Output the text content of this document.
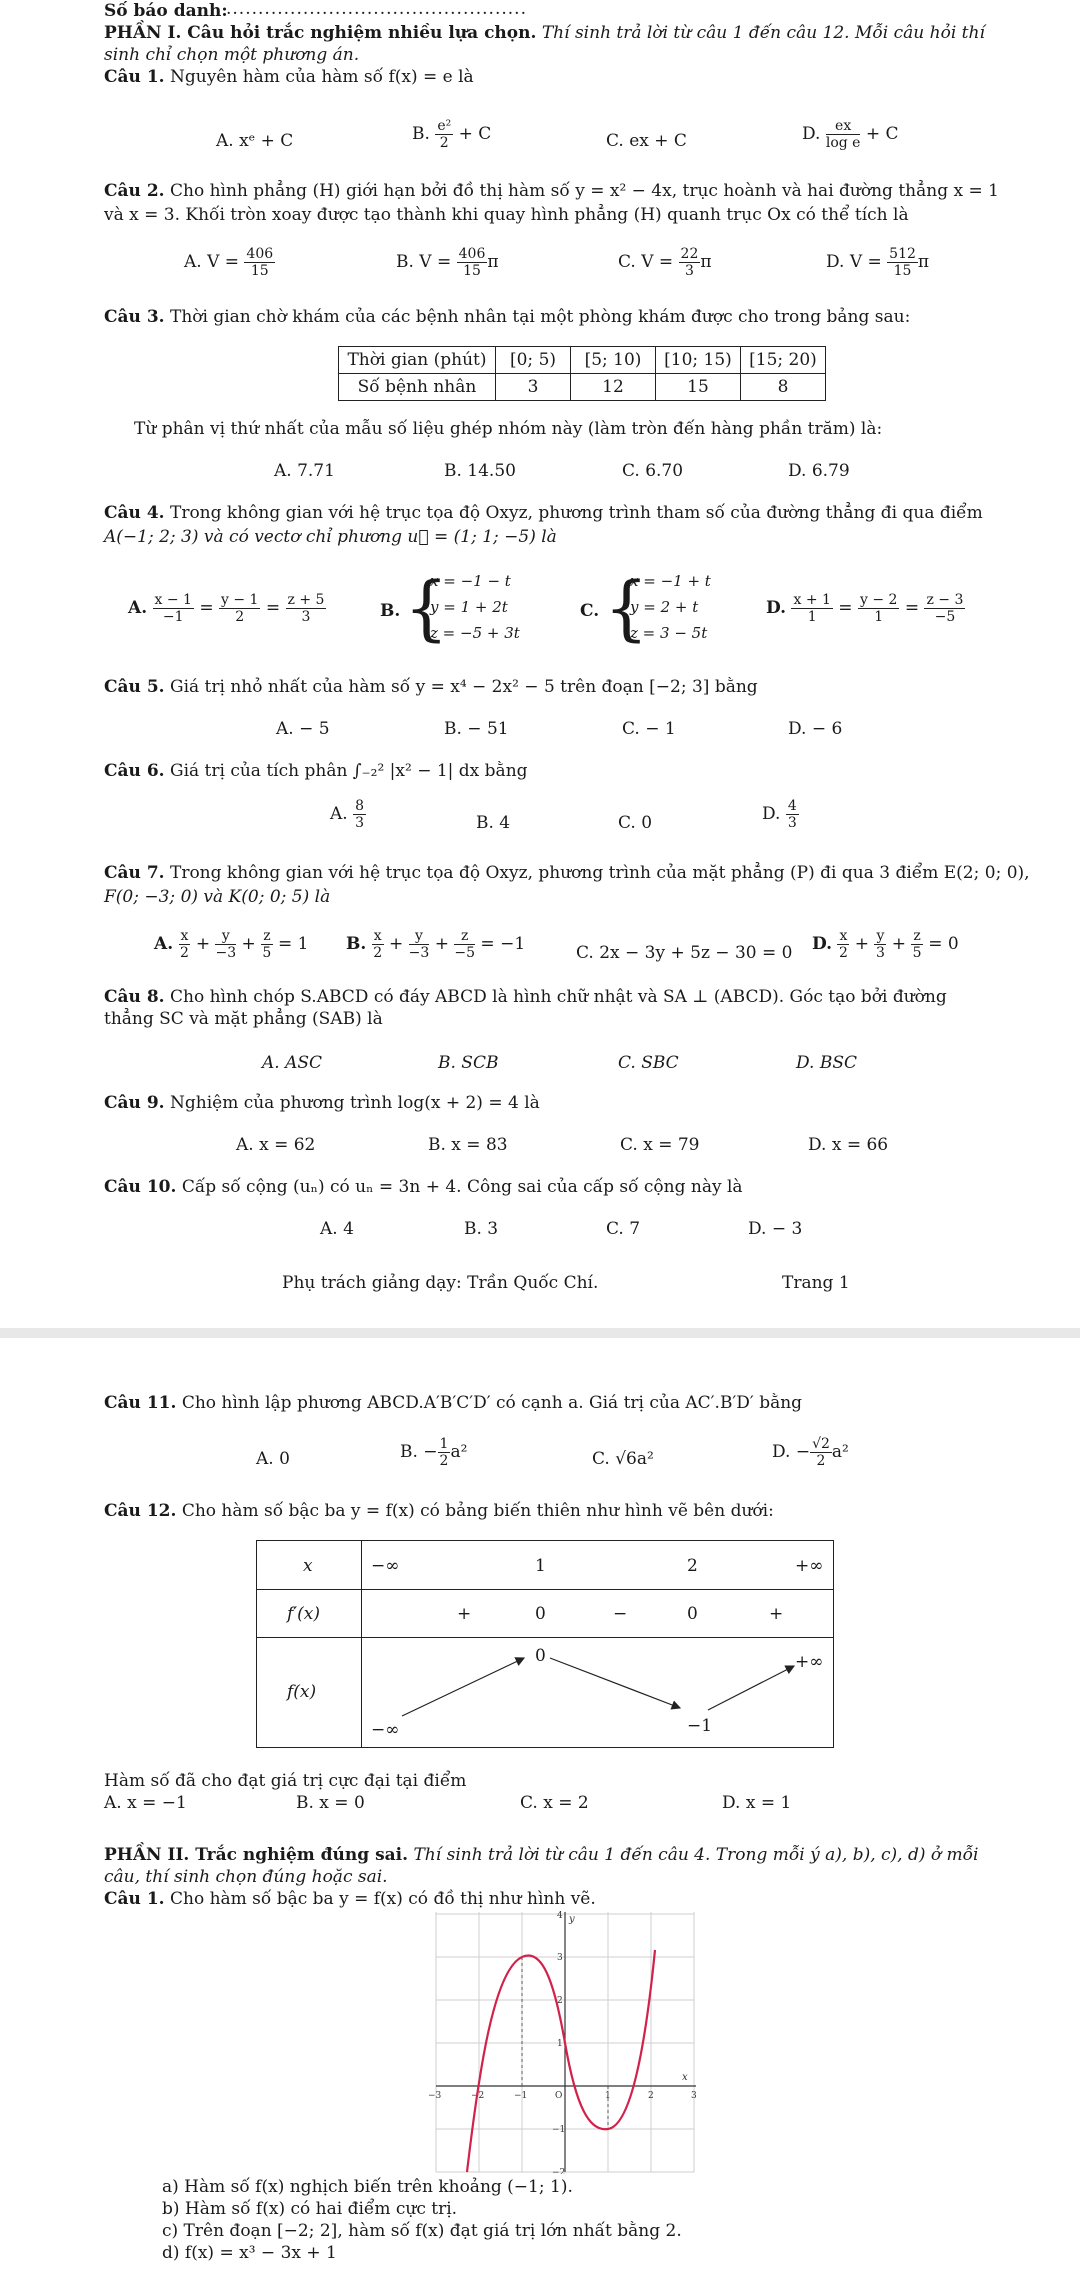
Số báo danh:
...............................................
PHẦN I. Câu hỏi trắc nghiệm nhiều lựa chọn. Thí sinh trả lời từ câu 1 đến câu 12. Mỗi câu hỏi thí
sinh chỉ chọn một phương án.
Câu 1. Nguyên hàm của hàm số f(x) = e là
A. xᵉ + C	B. $\frac{\text{e²}}{2} + C$	C. ex + C	D. $\frac{ex}{\text{log e}} + C$
Câu 2. Cho hình phẳng (H) giới hạn bởi đồ thị hàm số y = x² − 4x, trục hoành và hai đường thẳng x = 1
và x = 3. Khối tròn xoay được tạo thành khi quay hình phẳng (H) quanh trục Ox có thể tích là
A. $V = \frac{406}{15}$	B. $V = \frac{406}{15}$ π	C. $V = \frac{22}{3}$ π	D. $V = \frac{512}{15}$ π
Câu 3. Thời gian chờ khám của các bệnh nhân tại một phòng khám được cho trong bảng sau:
Thời gian (phút)	[0; 5)	[5; 10)	[10; 15)	[15; 20)
Số bệnh nhân	3	12	15	8
Từ phân vị thứ nhất của mẫu số liệu ghép nhóm này (làm tròn đến hàng phần trăm) là:
A. 7.71	B. 14.50	C. 6.70	D. 6.79
Câu 4. Trong không gian với hệ trục tọa độ Oxyz, phương trình tham số của đường thẳng đi qua điểm
A(−1; 2; 3) và có vectơ chỉ phương u⃗ = (1; 1; −5) là
A. $\frac{x - 1}{-1} = \frac{y - 1}{2} = \frac{z + 5}{3}$	B. {
x = −1 − t
y = 1 + 2t
z = −5 + 3t
C. {
x = −1 + t
y = 2 + t
z = 3 − 5t
D. $\frac{x + 1}{1} = \frac{y - 2}{1} = \frac{z - 3}{-5}$
Câu 5. Giá trị nhỏ nhất của hàm số y = x⁴ − 2x² − 5 trên đoạn [−2; 3] bằng
A. − 5	B. − 51	C. − 1	D. − 6
Câu 6. Giá trị của tích phân ∫₋₂² |x² − 1| dx bằng
A. $\frac{8}{3}$	B. 4	C. 0	D. $\frac{4}{3}$
Câu 7. Trong không gian với hệ trục tọa độ Oxyz, phương trình của mặt phẳng (P) đi qua 3 điểm E(2; 0; 0),
F(0; −3; 0) và K(0; 0; 5) là
A. $\frac{x}{2} + \frac{y}{-3} + \frac{z}{5} = 1$ B. $\frac{x}{2} + \frac{y}{-3} + \frac{z}{-5} = -1$	C. 2x − 3y + 5z − 30 = 0 D. $\frac{x}{2} + \frac{y}{3} + \frac{z}{5} = 0$
Câu 8. Cho hình chóp S.ABCD có đáy ABCD là hình chữ nhật và SA ⊥ (ABCD). Góc tạo bởi đường
thẳng SC và mặt phẳng (SAB) là
A. ASC	B. SCB	C. SBC	D. BSC
Câu 9. Nghiệm của phương trình log(x + 2) = 4 là
A. x = 62	B. x = 83	C. x = 79	D. x = 66
Câu 10. Cấp số cộng (uₙ) có uₙ = 3n + 4. Công sai của cấp số cộng này là
A. 4	B. 3	C. 7	D. − 3
Phụ trách giảng dạy: Trần Quốc Chí.	Trang 1
Câu 11. Cho hình lập phương ABCD.A′B′C′D′ có cạnh a. Giá trị của AC′.B′D′ bằng
A. 0	B. − $\frac{1}{2} a^2$	C. √6a²	D. − $\frac{√2}{2} a^2$
Câu 12. Cho hàm số bậc ba y = f(x) có bảng biến thiên như hình vẽ bên dưới:
x	−∞	1	2	+∞
f′(x)	+	0	−	0	+
f(x)
0	+∞
−∞	−1
Hàm số đã cho đạt giá trị cực đại tại điểm
A. x = −1	B. x = 0	C. x = 2	D. x = 1
PHẦN II. Trắc nghiệm đúng sai. Thí sinh trả lời từ câu 1 đến câu 4. Trong mỗi ý a), b), c), d) ở mỗi
câu, thí sinh chọn đúng hoặc sai.
Câu 1. Cho hàm số bậc ba y = f(x) có đồ thị như hình vẽ.
y
x
O
−3	−2	−1	1	2	3
−2
−1
1
2
3
4
a) Hàm số f(x) nghịch biến trên khoảng (−1; 1).
b) Hàm số f(x) có hai điểm cực trị.
c) Trên đoạn [−2; 2], hàm số f(x) đạt giá trị lớn nhất bằng 2.
d) f(x) = x³ − 3x + 1
